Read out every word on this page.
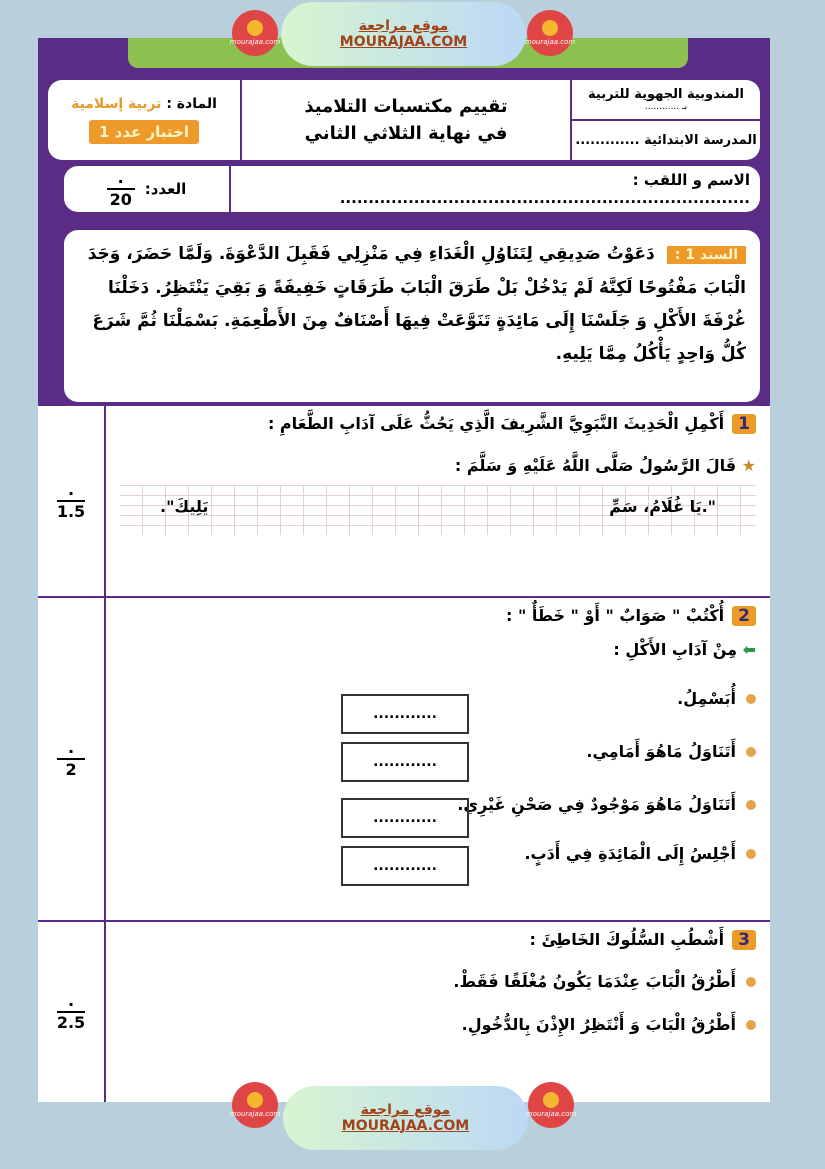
المندوبية الجهوية للتربية
بـ ............
المدرسة الابتدائية .............
تقييم مكتسبات التلاميذ
في نهاية الثلاثي الثاني
المادة : تربية إسلامية
اختبار عدد 1
الاسم و اللقب : ........................................................................
العدد:
$\frac{.}{20}$
السند 1 :دَعَوْتُ صَدِيقِي لِتَنَاوُلِ الْغَدَاءِ فِي مَنْزِلِي فَقَبِلَ الدَّعْوَةَ. وَلَمَّا حَضَرَ، وَجَدَ الْبَابَ مَفْتُوحًا لَكِنَّهُ لَمْ يَدْخُلْ بَلْ طَرَقَ الْبَابَ طَرَقَاتٍ خَفِيفَةً وَ بَقِيَ يَنْتَظِرُ. دَخَلْنَا غُرْفَةَ الأَكْلِ وَ جَلَسْنَا إِلَى مَائِدَةٍ تَنَوَّعَتْ فِيهَا أَصْنَافٌ مِنَ الأَطْعِمَةِ. بَسْمَلْنَا ثُمَّ شَرَعَ كُلُّ وَاحِدٍ يَأْكُلُ مِمَّا يَلِيهِ.
1أَكْمِلِ الْحَدِيثَ النَّبَوِيَّ الشَّرِيفَ الَّذِي يَحُثُّ عَلَى آدَابِ الطَّعَامِ :
★ قَالَ الرَّسُولُ صَلَّى اللَّهُ عَلَيْهِ وَ سَلَّمَ :
".يَا غُلَامُ، سَمِّ
يَلِيكَ".
$\frac{.}{1.5}$
2أُكْتُبْ " صَوَابٌ " أَوْ " خَطَأٌ " :
⬅ مِنْ آدَابِ الأَكْلِ :
أُبَسْمِلُ.
أَتَنَاوَلُ مَاهُوَ أَمَامِي.
أَتَنَاوَلُ مَاهُوَ مَوْجُودٌ فِي صَحْنِ غَيْرِي.
أَجْلِسُ إِلَى الْمَائِدَةِ فِي أَدَبٍ.
............
............
............
............
$\frac{.}{2}$
3أَشْطُبِ السُّلُوكَ الخَاطِئَ :
أَطْرُقُ الْبَابَ عِنْدَمَا يَكُونُ مُغْلَقًا فَقَطْ.
أَطْرُقُ الْبَابَ وَ أَنْتَظِرُ الإِذْنَ بِالدُّخُولِ.
$\frac{.}{2.5}$
mourajaa.com
موقع مراجعة
MOURAJAA.COM	mourajaa.com
mourajaa.com	موقع مراجعة
MOURAJAA.COM
mourajaa.com
